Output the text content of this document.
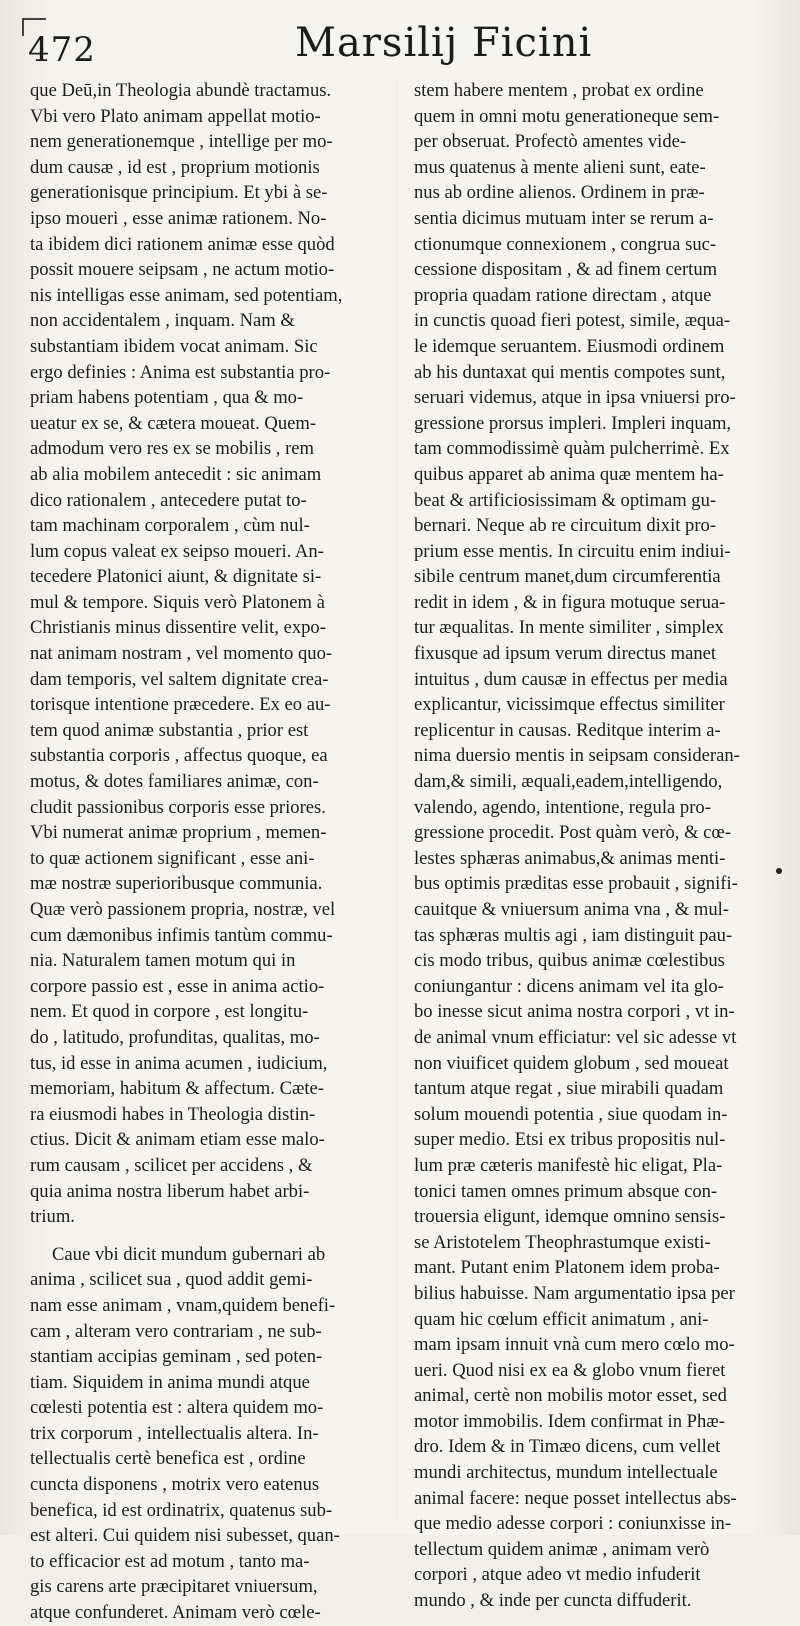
472	Marsilij Ficini
que Deū,in Theologia abundè tractamus.
Vbi vero Plato animam appellat motio-
nem generationemque , intellige per mo-
dum causæ , id est , proprium motionis
generationisque principium. Et ybi à se-
ipso moueri , esse animæ rationem. No-
ta ibidem dici rationem animæ esse quòd
possit mouere seipsam , ne actum motio-
nis intelligas esse animam, sed potentiam,
non accidentalem , inquam. Nam &
substantiam ibidem vocat animam. Sic
ergo definies : Anima est substantia pro-
priam habens potentiam , qua & mo-
ueatur ex se, & cætera moueat. Quem-
admodum vero res ex se mobilis , rem
ab alia mobilem antecedit : sic animam
dico rationalem , antecedere putat to-
tam machinam corporalem , cùm nul-
lum copus valeat ex seipso moueri. An-
tecedere Platonici aiunt, & dignitate si-
mul & tempore. Siquis verò Platonem à
Christianis minus dissentire velit, expo-
nat animam nostram , vel momento quo-
dam temporis, vel saltem dignitate crea-
torisque intentione præcedere. Ex eo au-
tem quod animæ substantia , prior est
substantia corporis , affectus quoque, ea
motus, & dotes familiares animæ, con-
cludit passionibus corporis esse priores.
Vbi numerat animæ proprium , memen-
to quæ actionem significant , esse ani-
mæ nostræ superioribusque communia.
Quæ verò passionem propria, nostræ, vel
cum dæmonibus infimis tantùm commu-
nia. Naturalem tamen motum qui in
corpore passio est , esse in anima actio-
nem. Et quod in corpore , est longitu-
do , latitudo, profunditas, qualitas, mo-
tus, id esse in anima acumen , iudicium,
memoriam, habitum & affectum. Cæte-
ra eiusmodi habes in Theologia distin-
ctius. Dicit & animam etiam esse malo-
rum causam , scilicet per accidens , &
quia anima nostra liberum habet arbi-
trium.
Caue vbi dicit mundum gubernari ab
anima , scilicet sua , quod addit gemi-
nam esse animam , vnam,quidem benefi-
cam , alteram vero contrariam , ne sub-
stantiam accipias geminam , sed poten-
tiam. Siquidem in anima mundi atque
cœlesti potentia est : altera quidem mo-
trix corporum , intellectualis altera. In-
tellectualis certè benefica est , ordine
cuncta disponens , motrix vero eatenus
benefica, id est ordinatrix, quatenus sub-
est alteri. Cui quidem nisi subesset, quan-
to efficacior est ad motum , tanto ma-
gis carens arte præcipitaret vniuersum,
atque confunderet. Animam verò cœle-
stem habere mentem , probat ex ordine
quem in omni motu generationeque sem-
per obseruat. Profectò amentes vide-
mus quatenus à mente alieni sunt, eate-
nus ab ordine alienos. Ordinem in præ-
sentia dicimus mutuam inter se rerum a-
ctionumque connexionem , congrua suc-
cessione dispositam , & ad finem certum
propria quadam ratione directam , atque
in cunctis quoad fieri potest, simile, æqua-
le idemque seruantem. Eiusmodi ordinem
ab his duntaxat qui mentis compotes sunt,
seruari videmus, atque in ipsa vniuersi pro-
gressione prorsus impleri. Impleri inquam,
tam commodissimè quàm pulcherrimè. Ex
quibus apparet ab anima quæ mentem ha-
beat & artificiosissimam & optimam gu-
bernari. Neque ab re circuitum dixit pro-
prium esse mentis. In circuitu enim indiui-
sibile centrum manet,dum circumferentia
redit in idem , & in figura motuque serua-
tur æqualitas. In mente similiter , simplex
fixusque ad ipsum verum directus manet
intuitus , dum causæ in effectus per media
explicantur, vicissimque effectus similiter
replicentur in causas. Reditque interim a-
nima duersio mentis in seipsam consideran-
dam,& simili, æquali,eadem,intelligendo,
valendo, agendo, intentione, regula pro-
gressione procedit. Post quàm verò, & cœ-
lestes sphæras animabus,& animas menti-
bus optimis præditas esse probauit , signifi-
cauitque & vniuersum anima vna , & mul-
tas sphæras multis agi , iam distinguit pau-
cis modo tribus, quibus animæ cœlestibus
coniungantur : dicens animam vel ita glo-
bo inesse sicut anima nostra corpori , vt in-
de animal vnum efficiatur: vel sic adesse vt
non viuificet quidem globum , sed moueat
tantum atque regat , siue mirabili quadam
solum mouendi potentia , siue quodam in-
super medio. Etsi ex tribus propositis nul-
lum præ cæteris manifestè hic eligat, Pla-
tonici tamen omnes primum absque con-
trouersia eligunt, idemque omnino sensis-
se Aristotelem Theophrastumque existi-
mant. Putant enim Platonem idem proba-
bilius habuisse. Nam argumentatio ipsa per
quam hic cœlum efficit animatum , ani-
mam ipsam innuit vnà cum mero cœlo mo-
ueri. Quod nisi ex ea & globo vnum fieret
animal, certè non mobilis motor esset, sed
motor immobilis. Idem confirmat in Phæ-
dro. Idem & in Timæo dicens, cum vellet
mundi architectus, mundum intellectuale
animal facere: neque posset intellectus abs-
que medio adesse corpori : coniunxisse in-
tellectum quidem animæ , animam verò
corpori , atque adeo vt medio infuderit
mundo , & inde per cuncta diffuderit.
